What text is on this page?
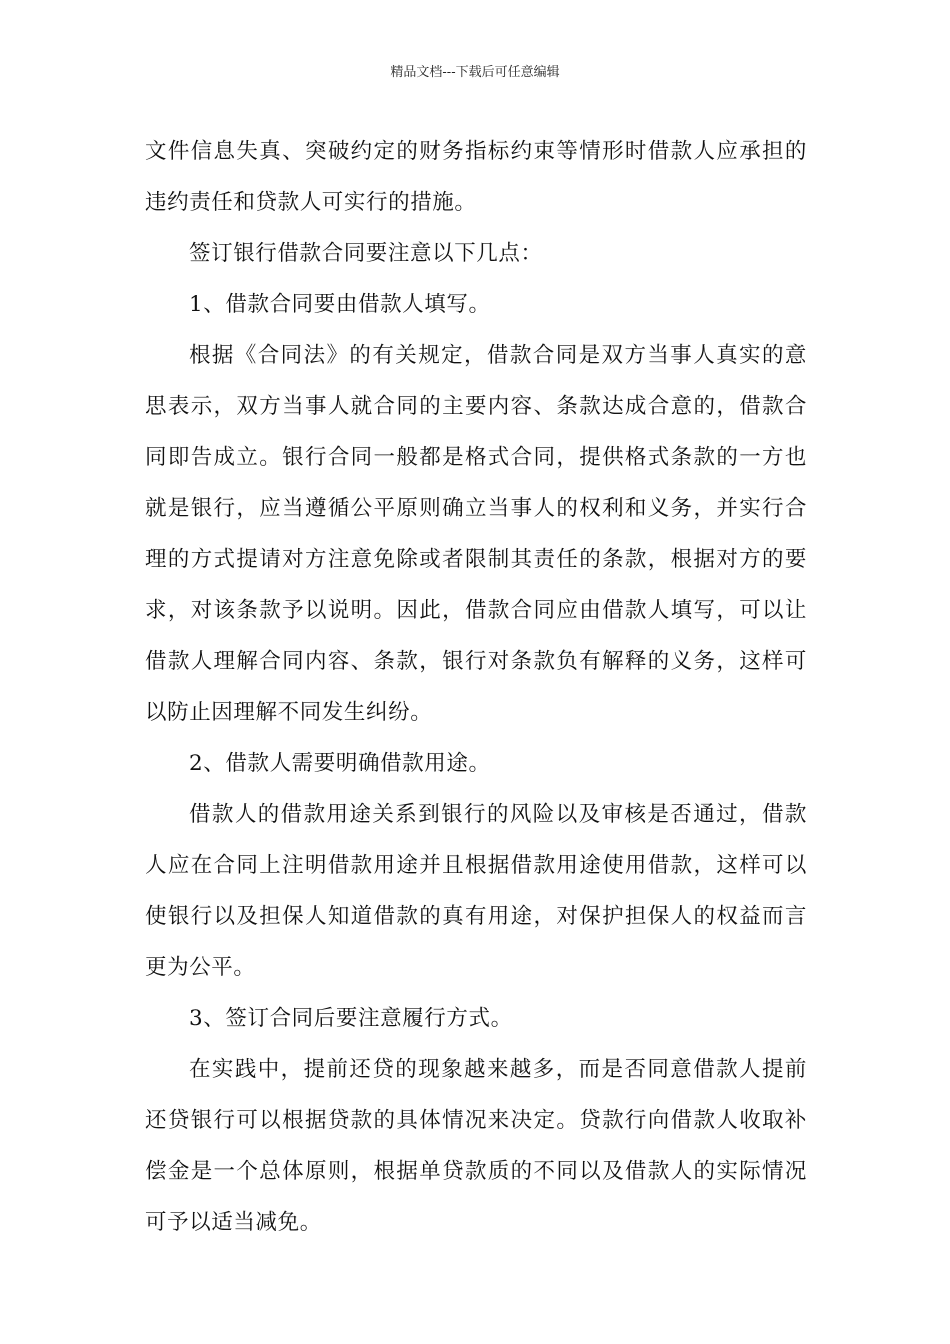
精品文档---下载后可任意编辑

文件信息失真、突破约定的财务指标约束等情形时借款人应承担的违约责任和贷款人可实行的措施。

签订银行借款合同要注意以下几点：

1、借款合同要由借款人填写。

根据《合同法》的有关规定，借款合同是双方当事人真实的意思表示，双方当事人就合同的主要内容、条款达成合意的，借款合同即告成立。银行合同一般都是格式合同，提供格式条款的一方也就是银行，应当遵循公平原则确立当事人的权利和义务，并实行合理的方式提请对方注意免除或者限制其责任的条款，根据对方的要求，对该条款予以说明。因此，借款合同应由借款人填写，可以让借款人理解合同内容、条款，银行对条款负有解释的义务，这样可以防止因理解不同发生纠纷。

2、借款人需要明确借款用途。

借款人的借款用途关系到银行的风险以及审核是否通过，借款人应在合同上注明借款用途并且根据借款用途使用借款，这样可以使银行以及担保人知道借款的真有用途，对保护担保人的权益而言更为公平。

3、签订合同后要注意履行方式。

在实践中，提前还贷的现象越来越多，而是否同意借款人提前还贷银行可以根据贷款的具体情况来决定。贷款行向借款人收取补偿金是一个总体原则，根据单贷款质的不同以及借款人的实际情况可予以适当减免。
